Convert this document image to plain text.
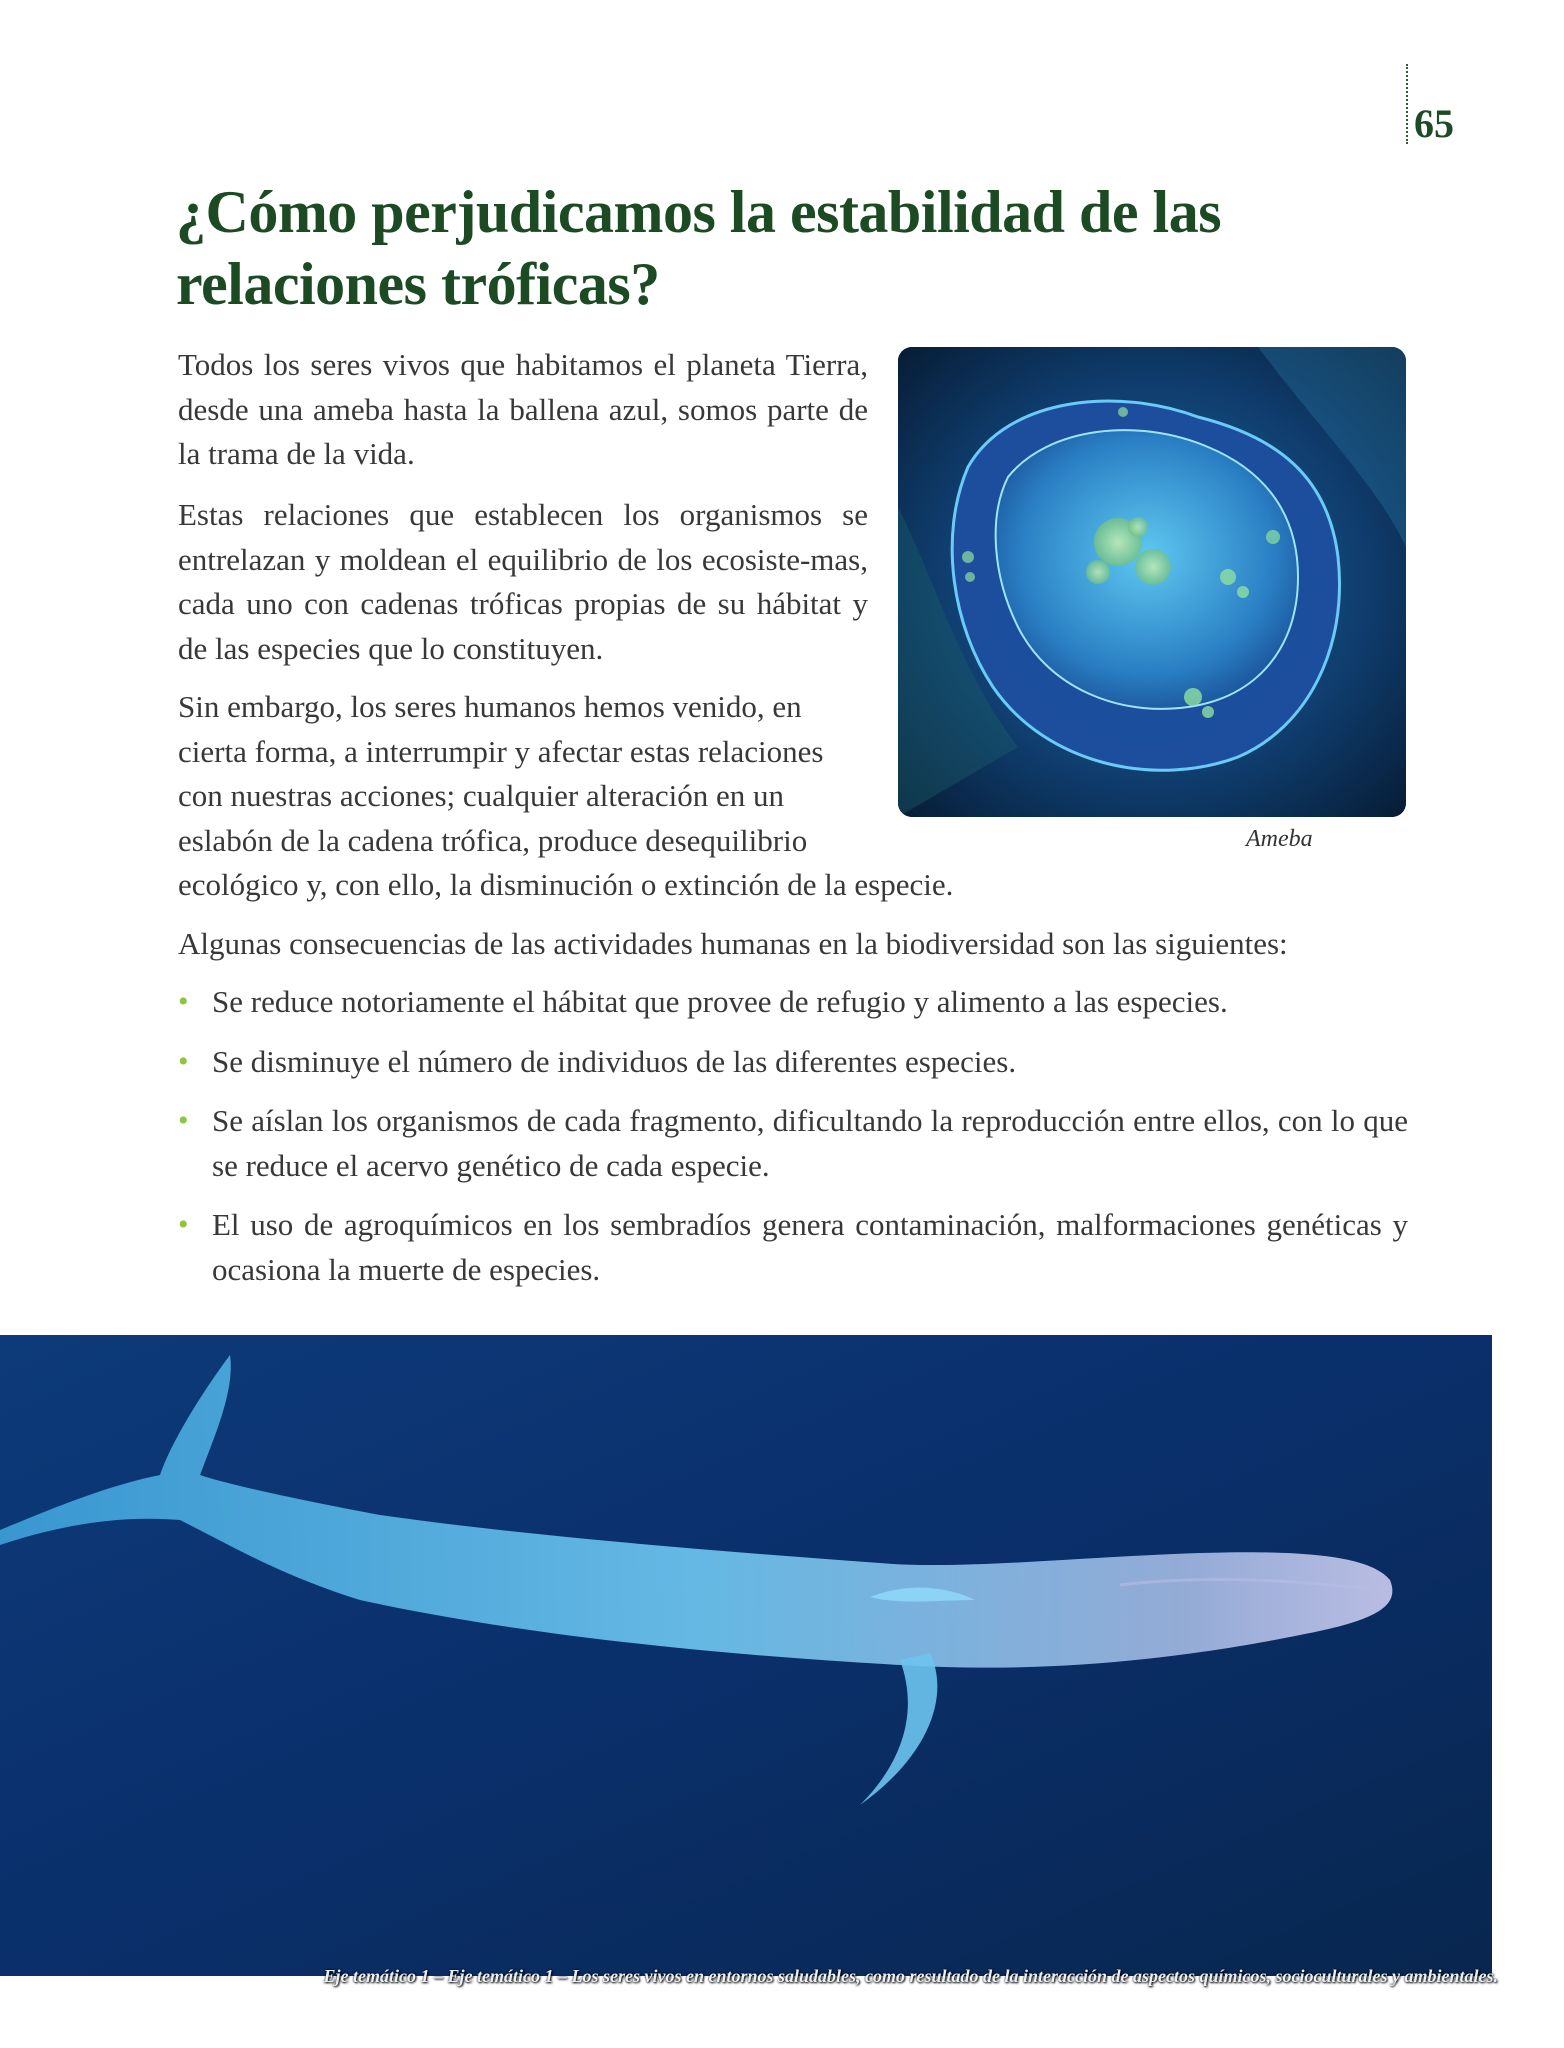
65
¿Cómo perjudicamos la estabilidad de las relaciones tróficas?

Todos los seres vivos que habitamos el planeta Tierra, desde una ameba hasta la ballena azul, somos parte de la trama de la vida.

Estas relaciones que establecen los organismos se entrelazan y moldean el equilibrio de los ecosiste-mas, cada uno con cadenas tróficas propias de su hábitat y de las especies que lo constituyen.

Sin embargo, los seres humanos hemos venido, en cierta forma, a interrumpir y afectar estas relaciones con nuestras acciones; cualquier alteración en un eslabón de la cadena trófica, produce desequilibrio

ecológico y, con ello, la disminución o extinción de la especie.
Algunas consecuencias de las actividades humanas en la biodiversidad son las siguientes:
• Se reduce notoriamente el hábitat que provee de refugio y alimento a las especies.
• Se disminuye el número de individuos de las diferentes especies.
• Se aíslan los organismos de cada fragmento, dificultando la reproducción entre ellos, con lo que se reduce el acervo genético de cada especie.
• El uso de agroquímicos en los sembradíos genera contaminación, malformaciones genéticas y ocasiona la muerte de especies.
Ameba
Eje temático 1 – Eje temático 1 – Los seres vivos en entornos saludables, como resultado de la interacción de aspectos químicos, socioculturales y ambientales.
